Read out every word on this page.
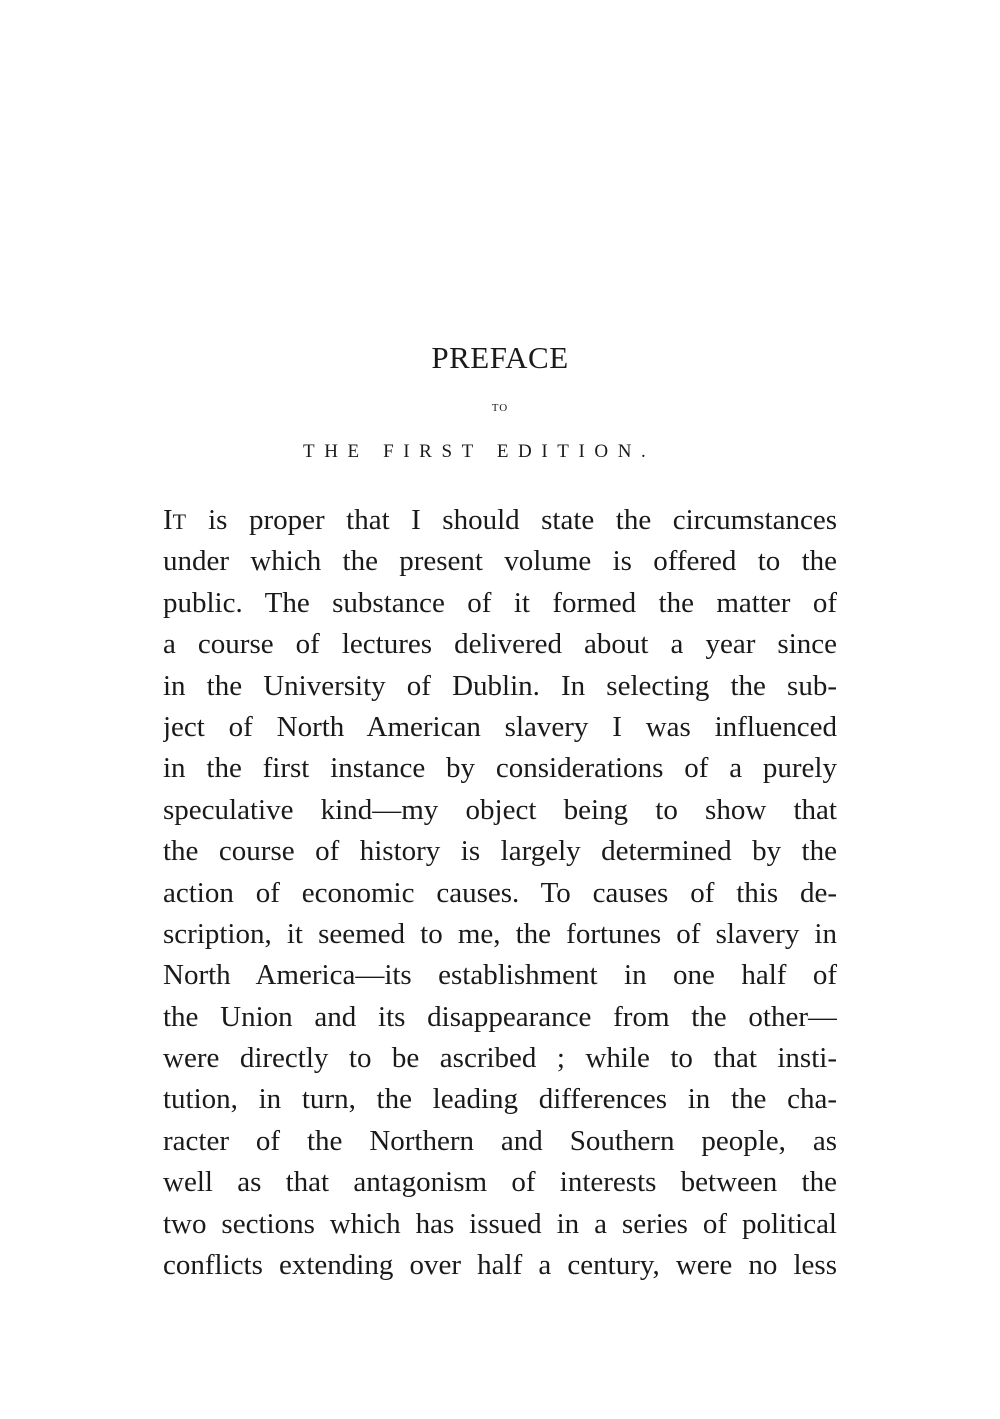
PREFACE
TO
THE FIRST EDITION.
IT is proper that I should state the circumstances
under which the present volume is offered to the
public. The substance of it formed the matter of
a course of lectures delivered about a year since
in the University of Dublin. In selecting the sub-
ject of North American slavery I was influenced
in the first instance by considerations of a purely
speculative kind—my object being to show that
the course of history is largely determined by the
action of economic causes. To causes of this de-
scription, it seemed to me, the fortunes of slavery in
North America—its establishment in one half of
the Union and its disappearance from the other—
were directly to be ascribed ; while to that insti-
tution, in turn, the leading differences in the cha-
racter of the Northern and Southern people, as
well as that antagonism of interests between the
two sections which has issued in a series of political
conflicts extending over half a century, were no less
